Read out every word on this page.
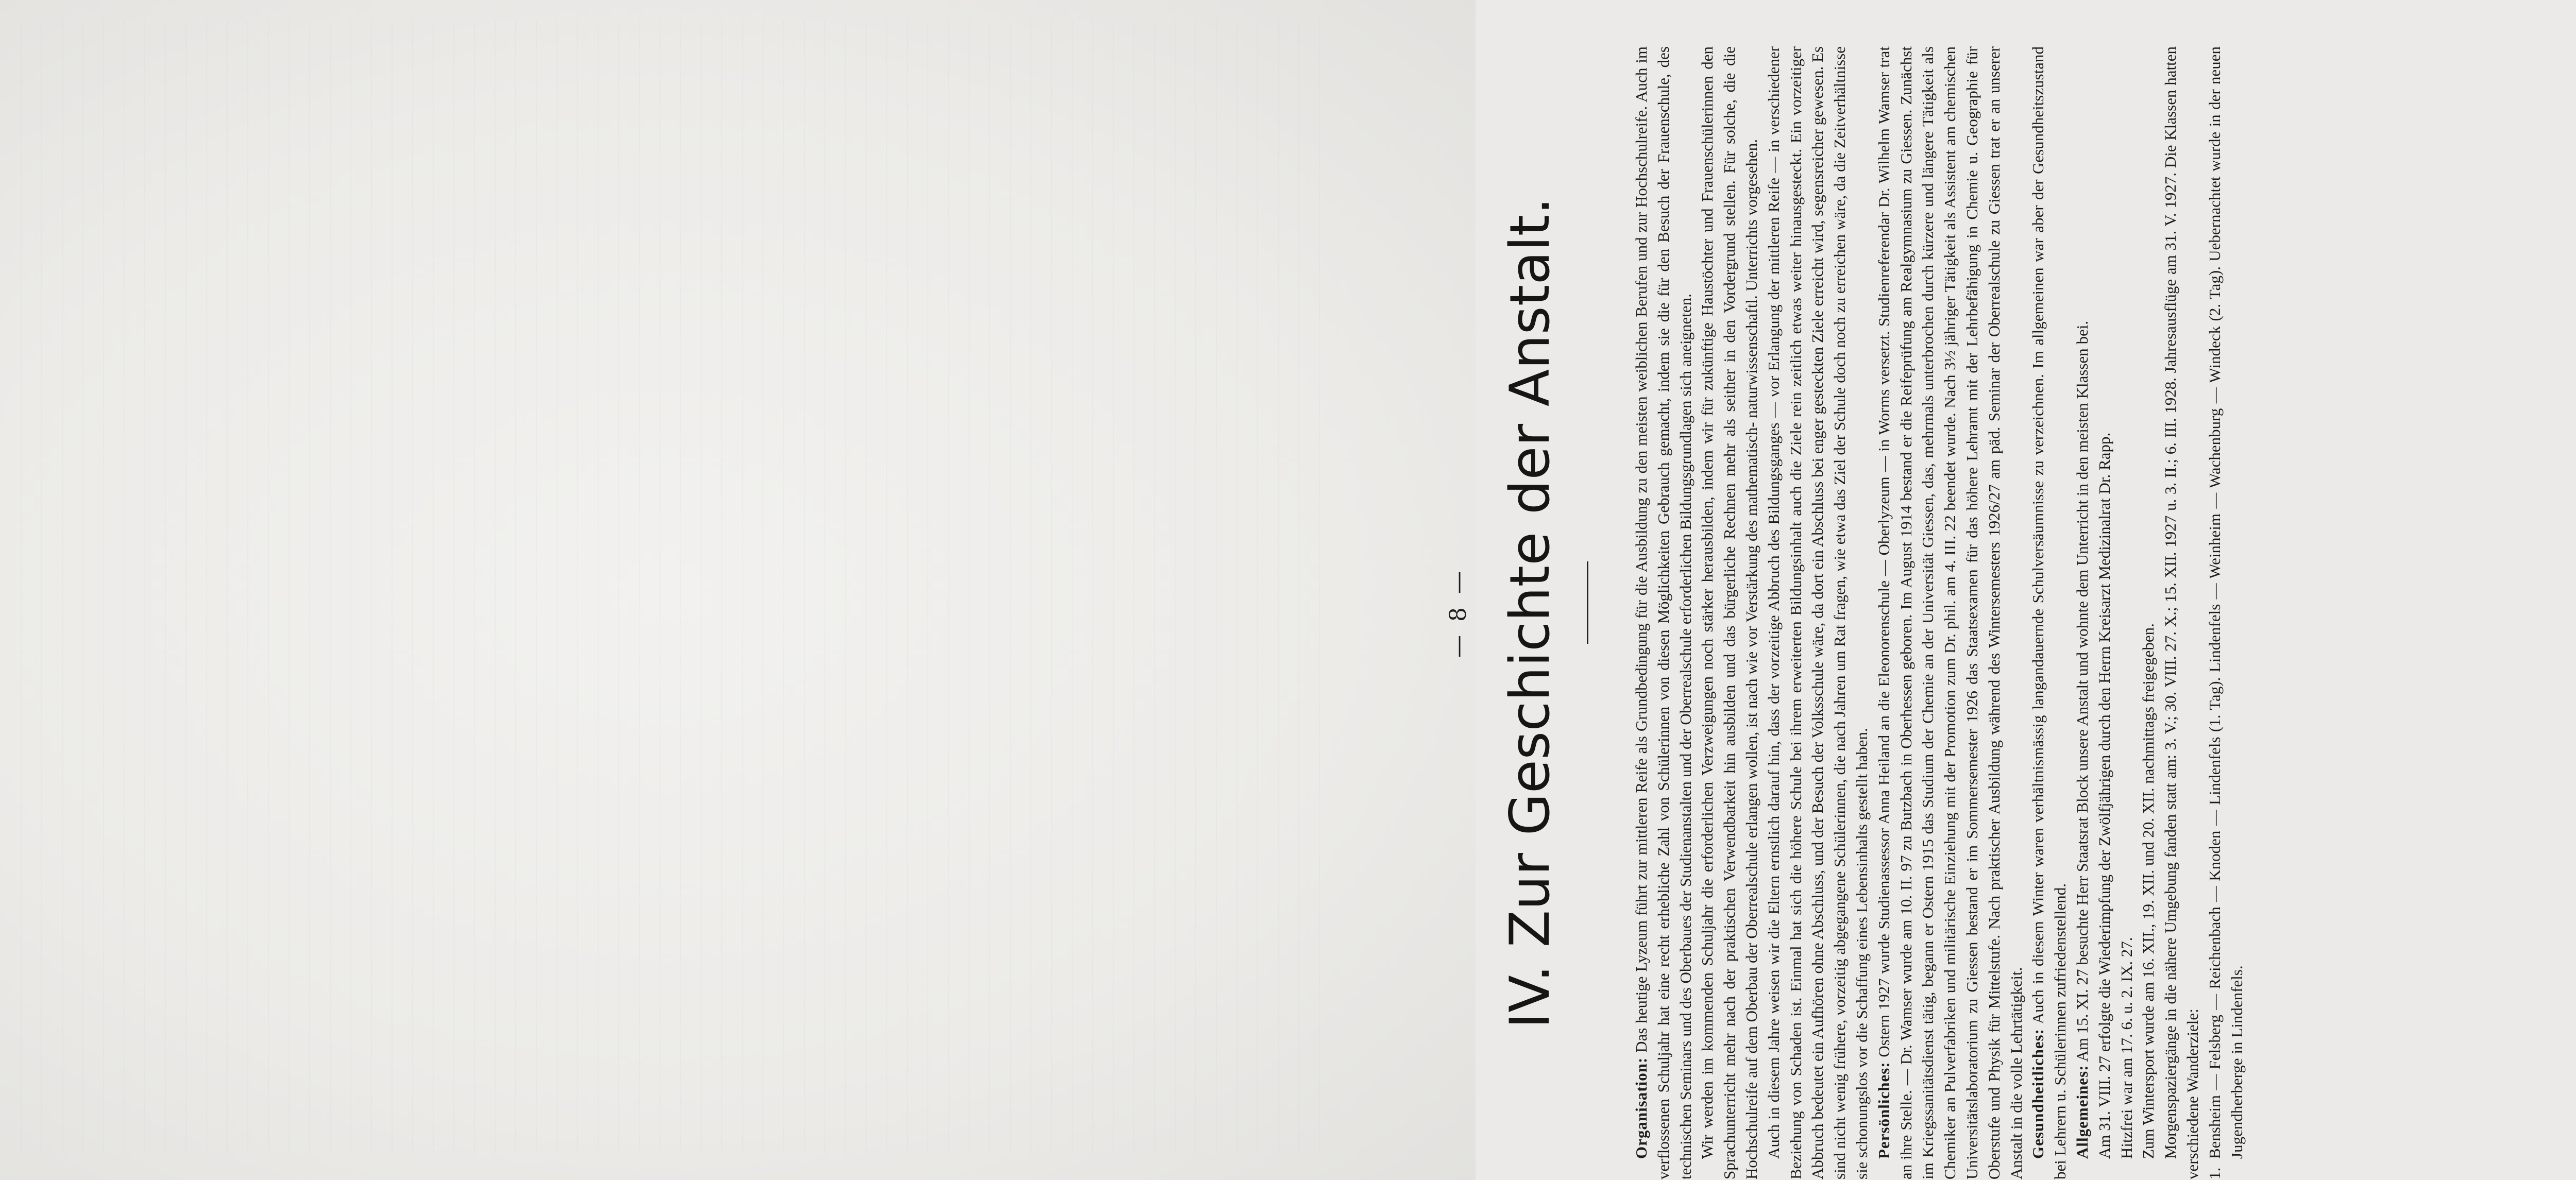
— 8 — IV. Zur Geschichte der Anstalt.

Organisation: Das heutige Lyzeum führt zur mittleren Reife als Grundbedingung für die Ausbildung zu den meisten weiblichen Berufen und zur Hochschulreife. Auch im verflossenen Schuljahr hat eine recht erhebliche Zahl von Schülerinnen von diesen Möglichkeiten Gebrauch gemacht, indem sie die für den Besuch der Frauenschule, des technischen Seminars und des Oberbaues der Studienanstalten und der Oberrealschule erforderlichen Bildungsgrundlagen sich aneigneten. Wir werden im kommenden Schuljahr die erforderlichen Verzweigungen noch stärker herausbilden, indem wir für zukünftige Haustöchter und Frauenschülerinnen den Sprachunterricht mehr nach der praktischen Verwendbarkeit hin ausbilden und das bürgerliche Rechnen mehr als seither in den Vordergrund stellen. Für solche, die die Hochschulreife auf dem Oberbau der Oberrealschule erlangen wollen, ist nach wie vor Verstärkung des mathematisch- naturwissenschaftl. Unterrichts vorgesehen. Auch in diesem Jahre weisen wir die Eltern ernstlich darauf hin, dass der vorzeitige Abbruch des Bildungsganges — vor Erlangung der mittleren Reife — in verschiedener Beziehung von Schaden ist. Einmal hat sich die höhere Schule bei ihrem erweiterten Bildungsinhalt auch die Ziele rein zeitlich etwas weiter hinausgesteckt. Ein vorzeitiger Abbruch bedeutet ein Aufhören ohne Abschluss, und der Besuch der Volksschule wäre, da dort ein Abschluss bei enger gesteckten Ziele erreicht wird, segensreicher gewesen. Es sind nicht wenig frühere, vorzeitig abgegangene Schülerinnen, die nach Jahren um Rat fragen, wie etwa das Ziel der Schule doch noch zu erreichen wäre, da die Zeitverhältnisse sie schonungslos vor die Schaffung eines Lebensinhalts gestellt haben. Persönliches: Ostern 1927 wurde Studienassessor Anna Heiland an die Eleonorenschule — Oberlyzeum — in Worms versetzt. Studienreferendar Dr. Wilhelm Wamser trat an ihre Stelle. — Dr. Wamser wurde am 10. II. 97 zu Butzbach in Oberhessen geboren. Im August 1914 bestand er die Reifeprüfung am Realgymnasium zu Giessen. Zunächst im Kriegssanitätsdienst tätig, begann er Ostern 1915 das Studium der Chemie an der Universität Giessen, das, mehrmals unterbrochen durch kürzere und längere Tätigkeit als Chemiker an Pulverfabriken und militärische Einziehung mit der Promotion zum Dr. phil. am 4. III. 22 beendet wurde. Nach 3½ jähriger Tätigkeit als Assistent am chemischen Universitätslaboratorium zu Giessen bestand er im Sommersemester 1926 das Staatsexamen für das höhere Lehramt mit der Lehrbefähigung in Chemie u. Geographie für Oberstufe und Physik für Mittelstufe. Nach praktischer Ausbildung während des Wintersemesters 1926/27 am päd. Seminar der Oberrealschule zu Giessen trat er an unserer Anstalt in die volle Lehrtätigkeit. Gesundheitliches: Auch in diesem Winter waren verhältnismässig langandauernde Schulversäumnisse zu verzeichnen. Im allgemeinen war aber der Gesundheitszustand bei Lehrern u. Schülerinnen zufriedenstellend. Allgemeines: Am 15. XI. 27 besuchte Herr Staatsrat Block unsere Anstalt und wohnte dem Unterricht in den meisten Klassen bei. Am 31. VIII. 27 erfolgte die Wiederimpfung der Zwölfjährigen durch den Herrn Kreisarzt Medizinalrat Dr. Rapp. Hitzfrei war am 17. 6. u. 2. IX. 27. Zum Wintersport wurde am 16. XII., 19. XII. und 20. XII. nachmittags freigegeben. Morgenspaziergänge in die nähere Umgebung fanden statt am: 3. V.; 30. VIII. 27. X.; 15. XII. 1927 u. 3. II.; 6. III. 1928. Jahresausflüge am 31. V. 1927. Die Klassen hatten verschiedene Wanderziele: 1.
Bensheim — Felsberg — Reichenbach — Knoden — Lindenfels (1. Tag). Lindenfels — Weinheim — Wachenburg — Windeck (2. Tag). Uebernachtet wurde in der neuen Jugendherberge in Lindenfels.
